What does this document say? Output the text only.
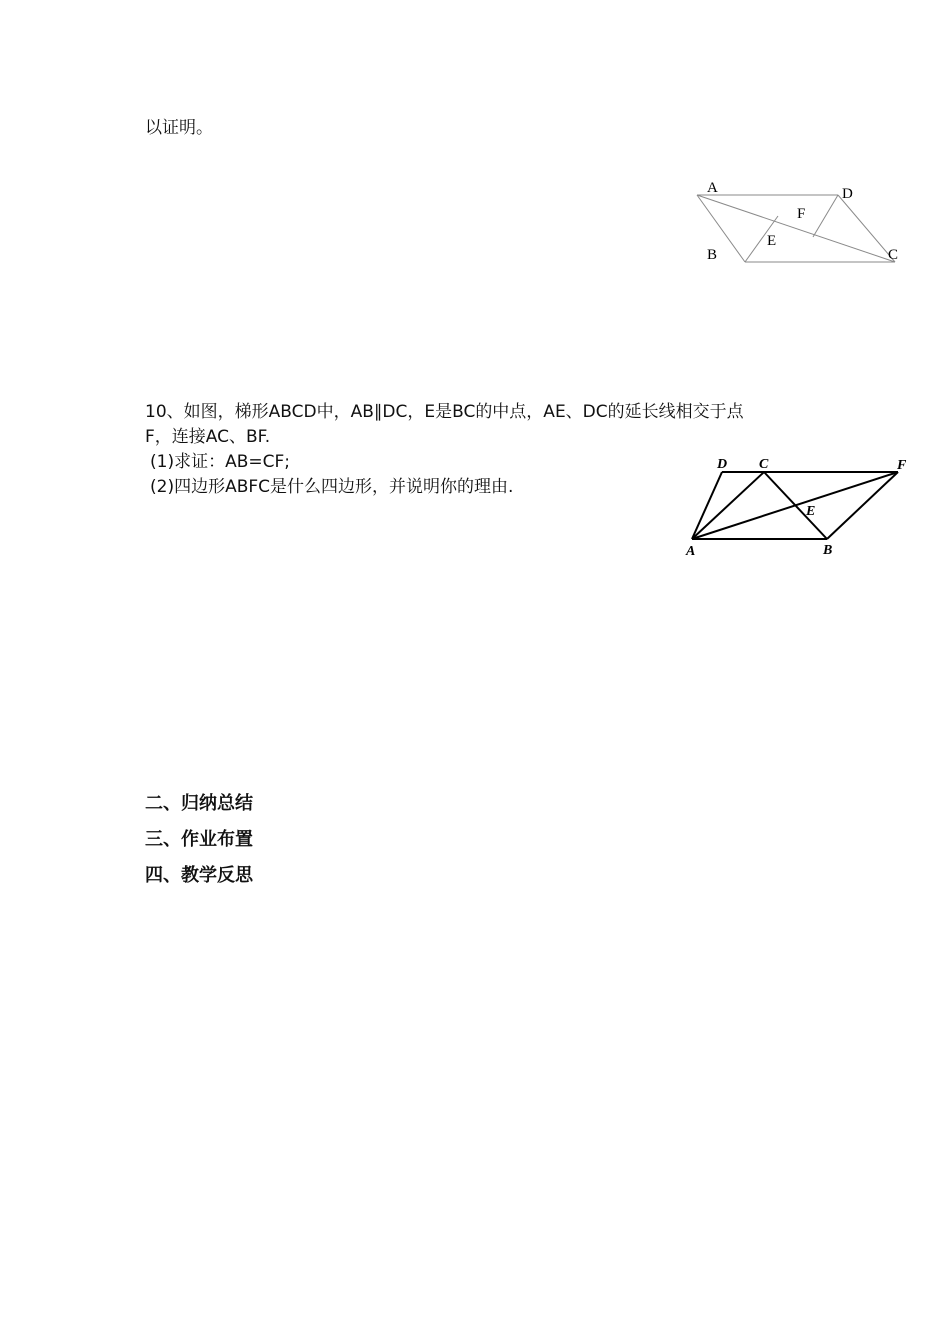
以证明。
A	D
F
E
B	C
10、如图，梯形ABCD中，AB∥DC，E是BC的中点，AE、DC的延长线相交于点
F，连接AC、BF.
(1)求证：AB=CF;
(2)四边形ABFC是什么四边形，并说明你的理由.
D C	F
E
A	B
二、归纳总结
三、作业布置
四、教学反思
